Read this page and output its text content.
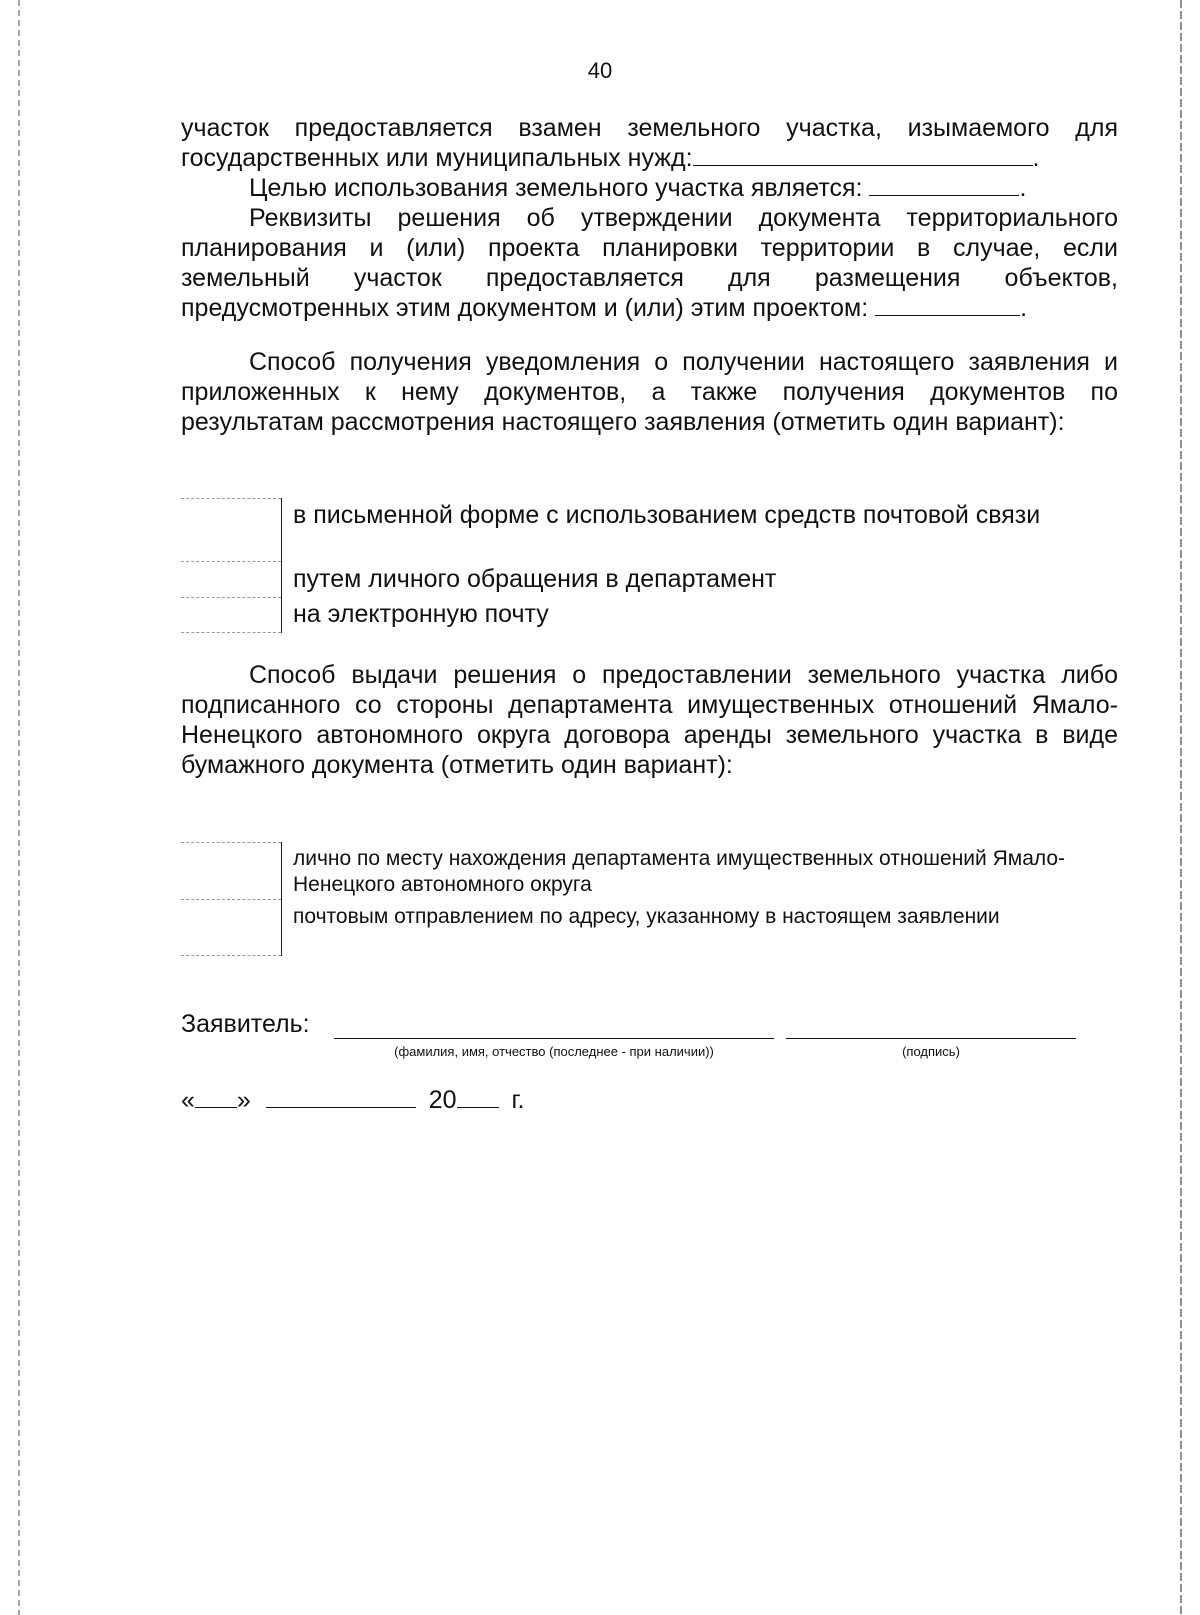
40

участок предоставляется взамен земельного участка, изымаемого для государственных или муниципальных нужд:	.

Целью использования земельного участка является:	.

Реквизиты решения об утверждении документа территориального планирования и (или) проекта планировки территории в случае, если земельный участок предоставляется для размещения объектов, предусмотренных этим документом и (или) этим проектом:	.

Способ получения уведомления о получении настоящего заявления и приложенных к нему документов, а также получения документов по результатам рассмотрения настоящего заявления (отметить один вариант):

в письменной форме с использованием средств почтовой связи
путем личного обращения в департамент
на электронную почту

Способ выдачи решения о предоставлении земельного участка либо подписанного со стороны департамента имущественных отношений Ямало-Ненецкого автономного округа договора аренды земельного участка в виде бумажного документа (отметить один вариант):

лично по месту нахождения департамента имущественных отношений Ямало-Ненецкого автономного округа
почтовым отправлением по адресу, указанному в настоящем заявлении
Заявитель:
(фамилия, имя, отчество (последнее - при наличии))	(подпись)
« »	20 г.
